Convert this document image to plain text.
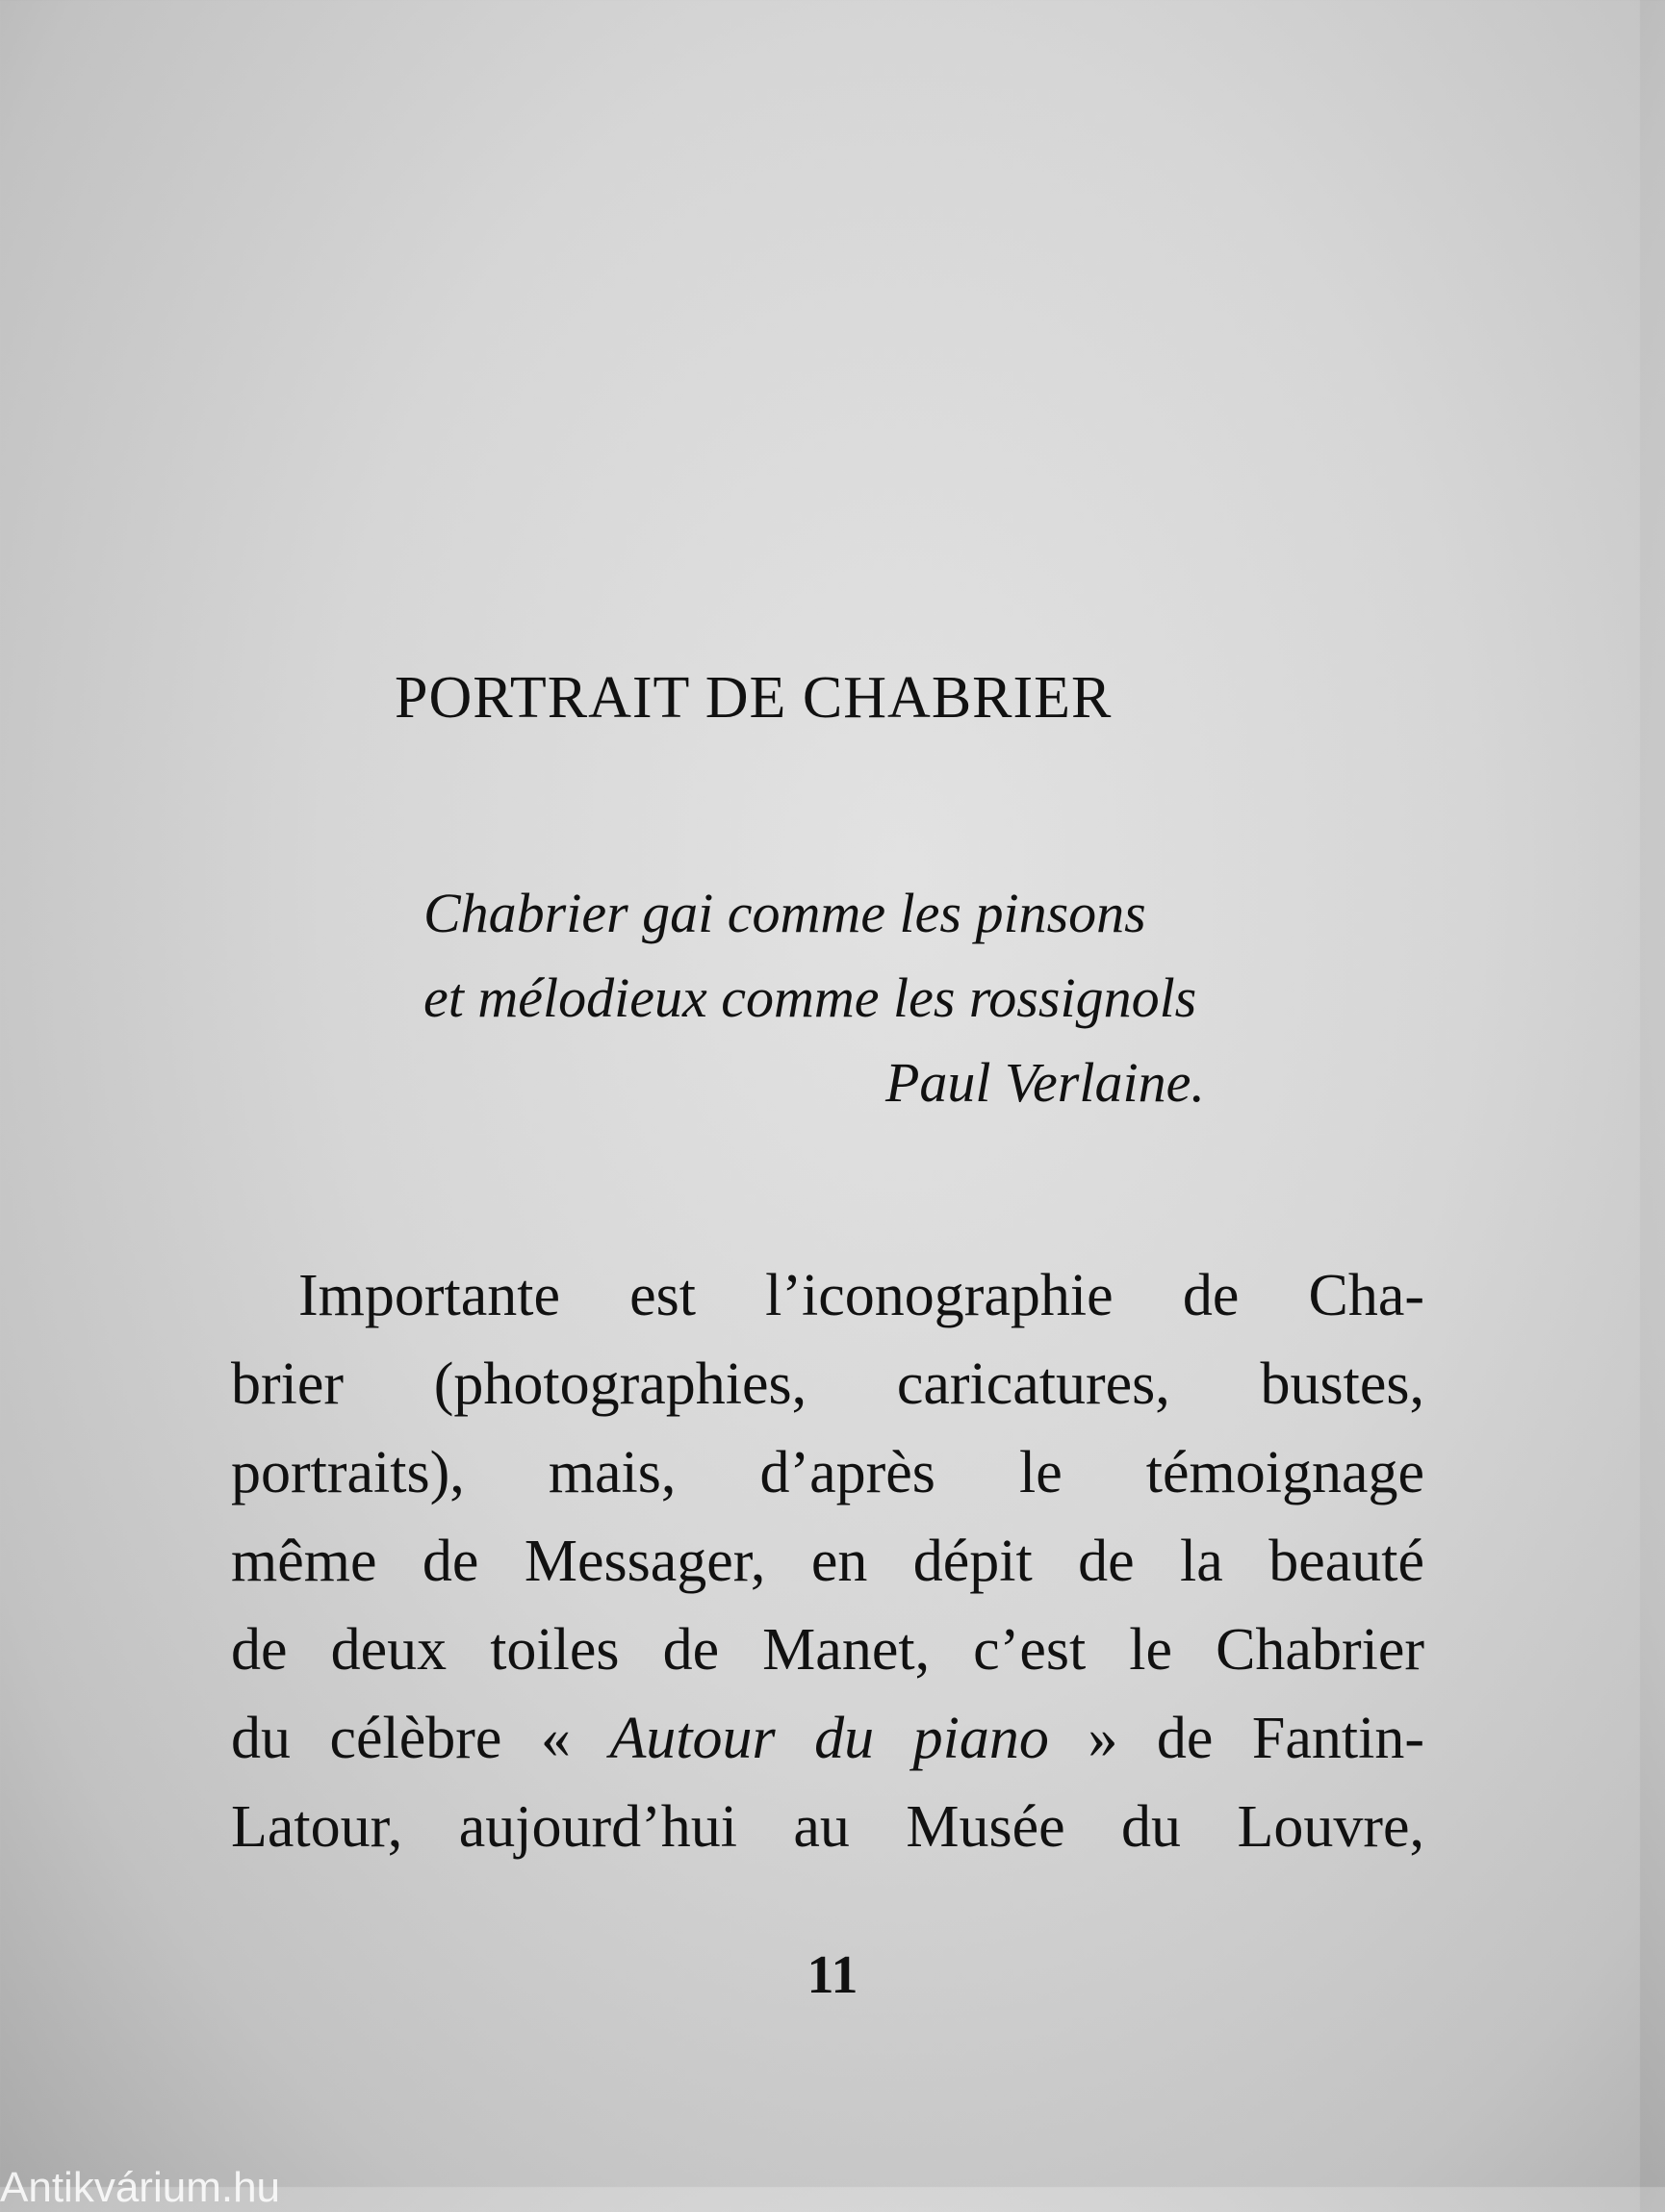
PORTRAIT DE CHABRIER
Chabrier gai comme les pinsons
et mélodieux comme les rossignols
Paul Verlaine.
Importante est l’iconographie de Cha-
brier (photographies, caricatures, bustes,
portraits), mais, d’après le témoignage
même de Messager, en dépit de la beauté
de deux toiles de Manet, c’est le Chabrier
du célèbre « Autour du piano » de Fantin-
Latour, aujourd’hui au Musée du Louvre,
11
Antikvárium.hu
